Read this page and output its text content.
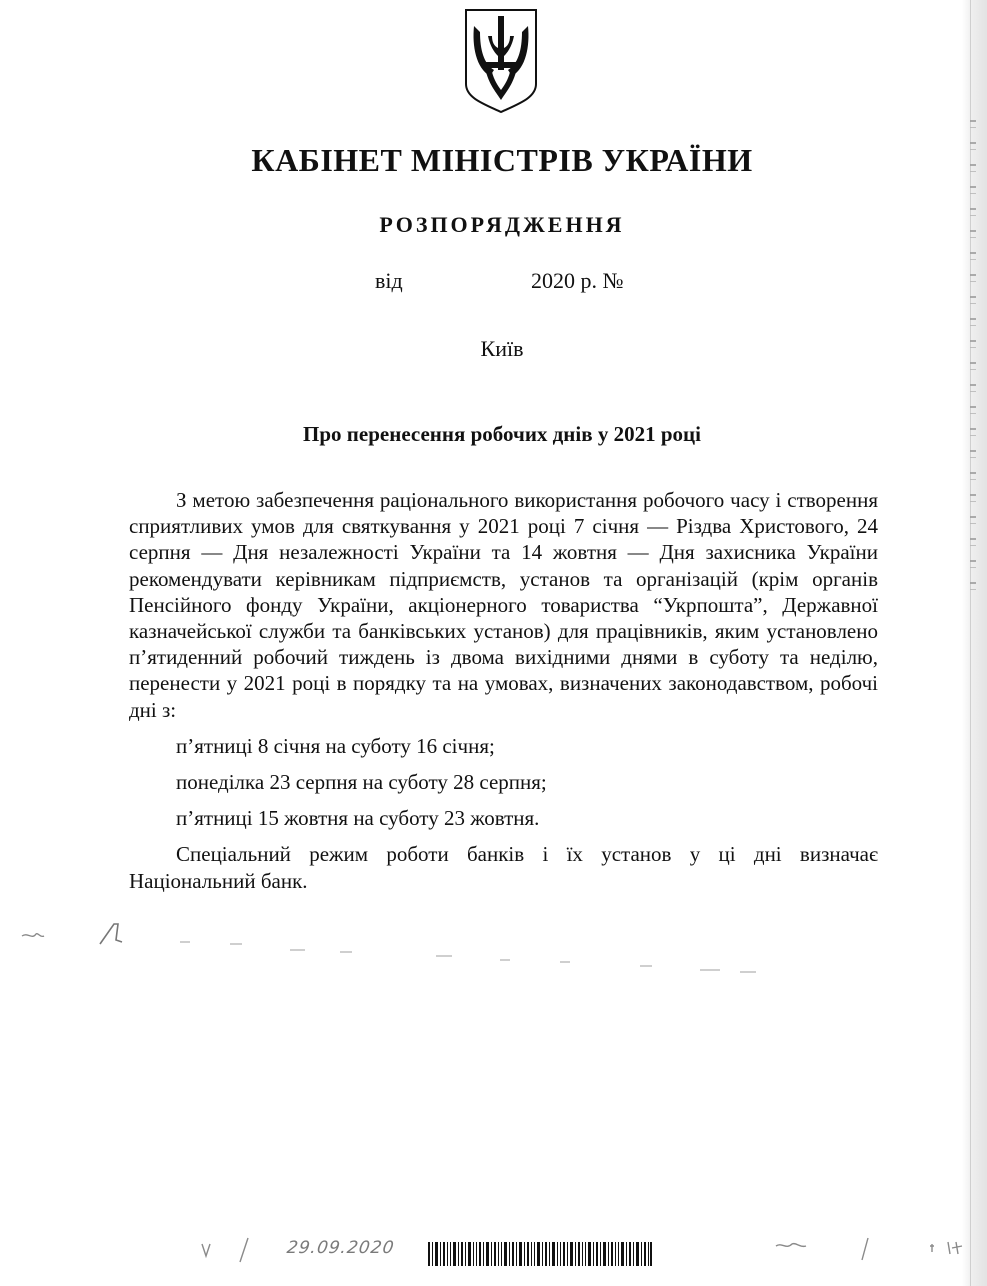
КАБІНЕТ МІНІСТРІВ УКРАЇНИ
РОЗПОРЯДЖЕННЯ
від	2020 р. №
Київ
Про перенесення робочих днів у 2021 році

З метою забезпечення раціонального використання робочого часу і створення сприятливих умов для святкування у 2021 році 7 січня — Різдва Христового, 24 серпня — Дня незалежності України та 14 жовтня — Дня захисника України рекомендувати керівникам підприємств, установ та організацій (крім органів Пенсійного фонду України, акціонерного товариства “Укрпошта”, Державної казначейської служби та банківських установ) для працівників, яким установлено п’ятиденний робочий тиждень із двома вихідними днями в суботу та неділю, перенести у 2021 році в порядку та на умовах, визначених законодавством, робочі дні з:

п’ятниці 8 січня на суботу 16 січня;

понеділка 23 серпня на суботу 28 серпня;

п’ятниці 15 жовтня на суботу 23 жовтня.

Спеціальний режим роботи банків і їх установ у ці дні визначає Національний банк.

29.09.2020
